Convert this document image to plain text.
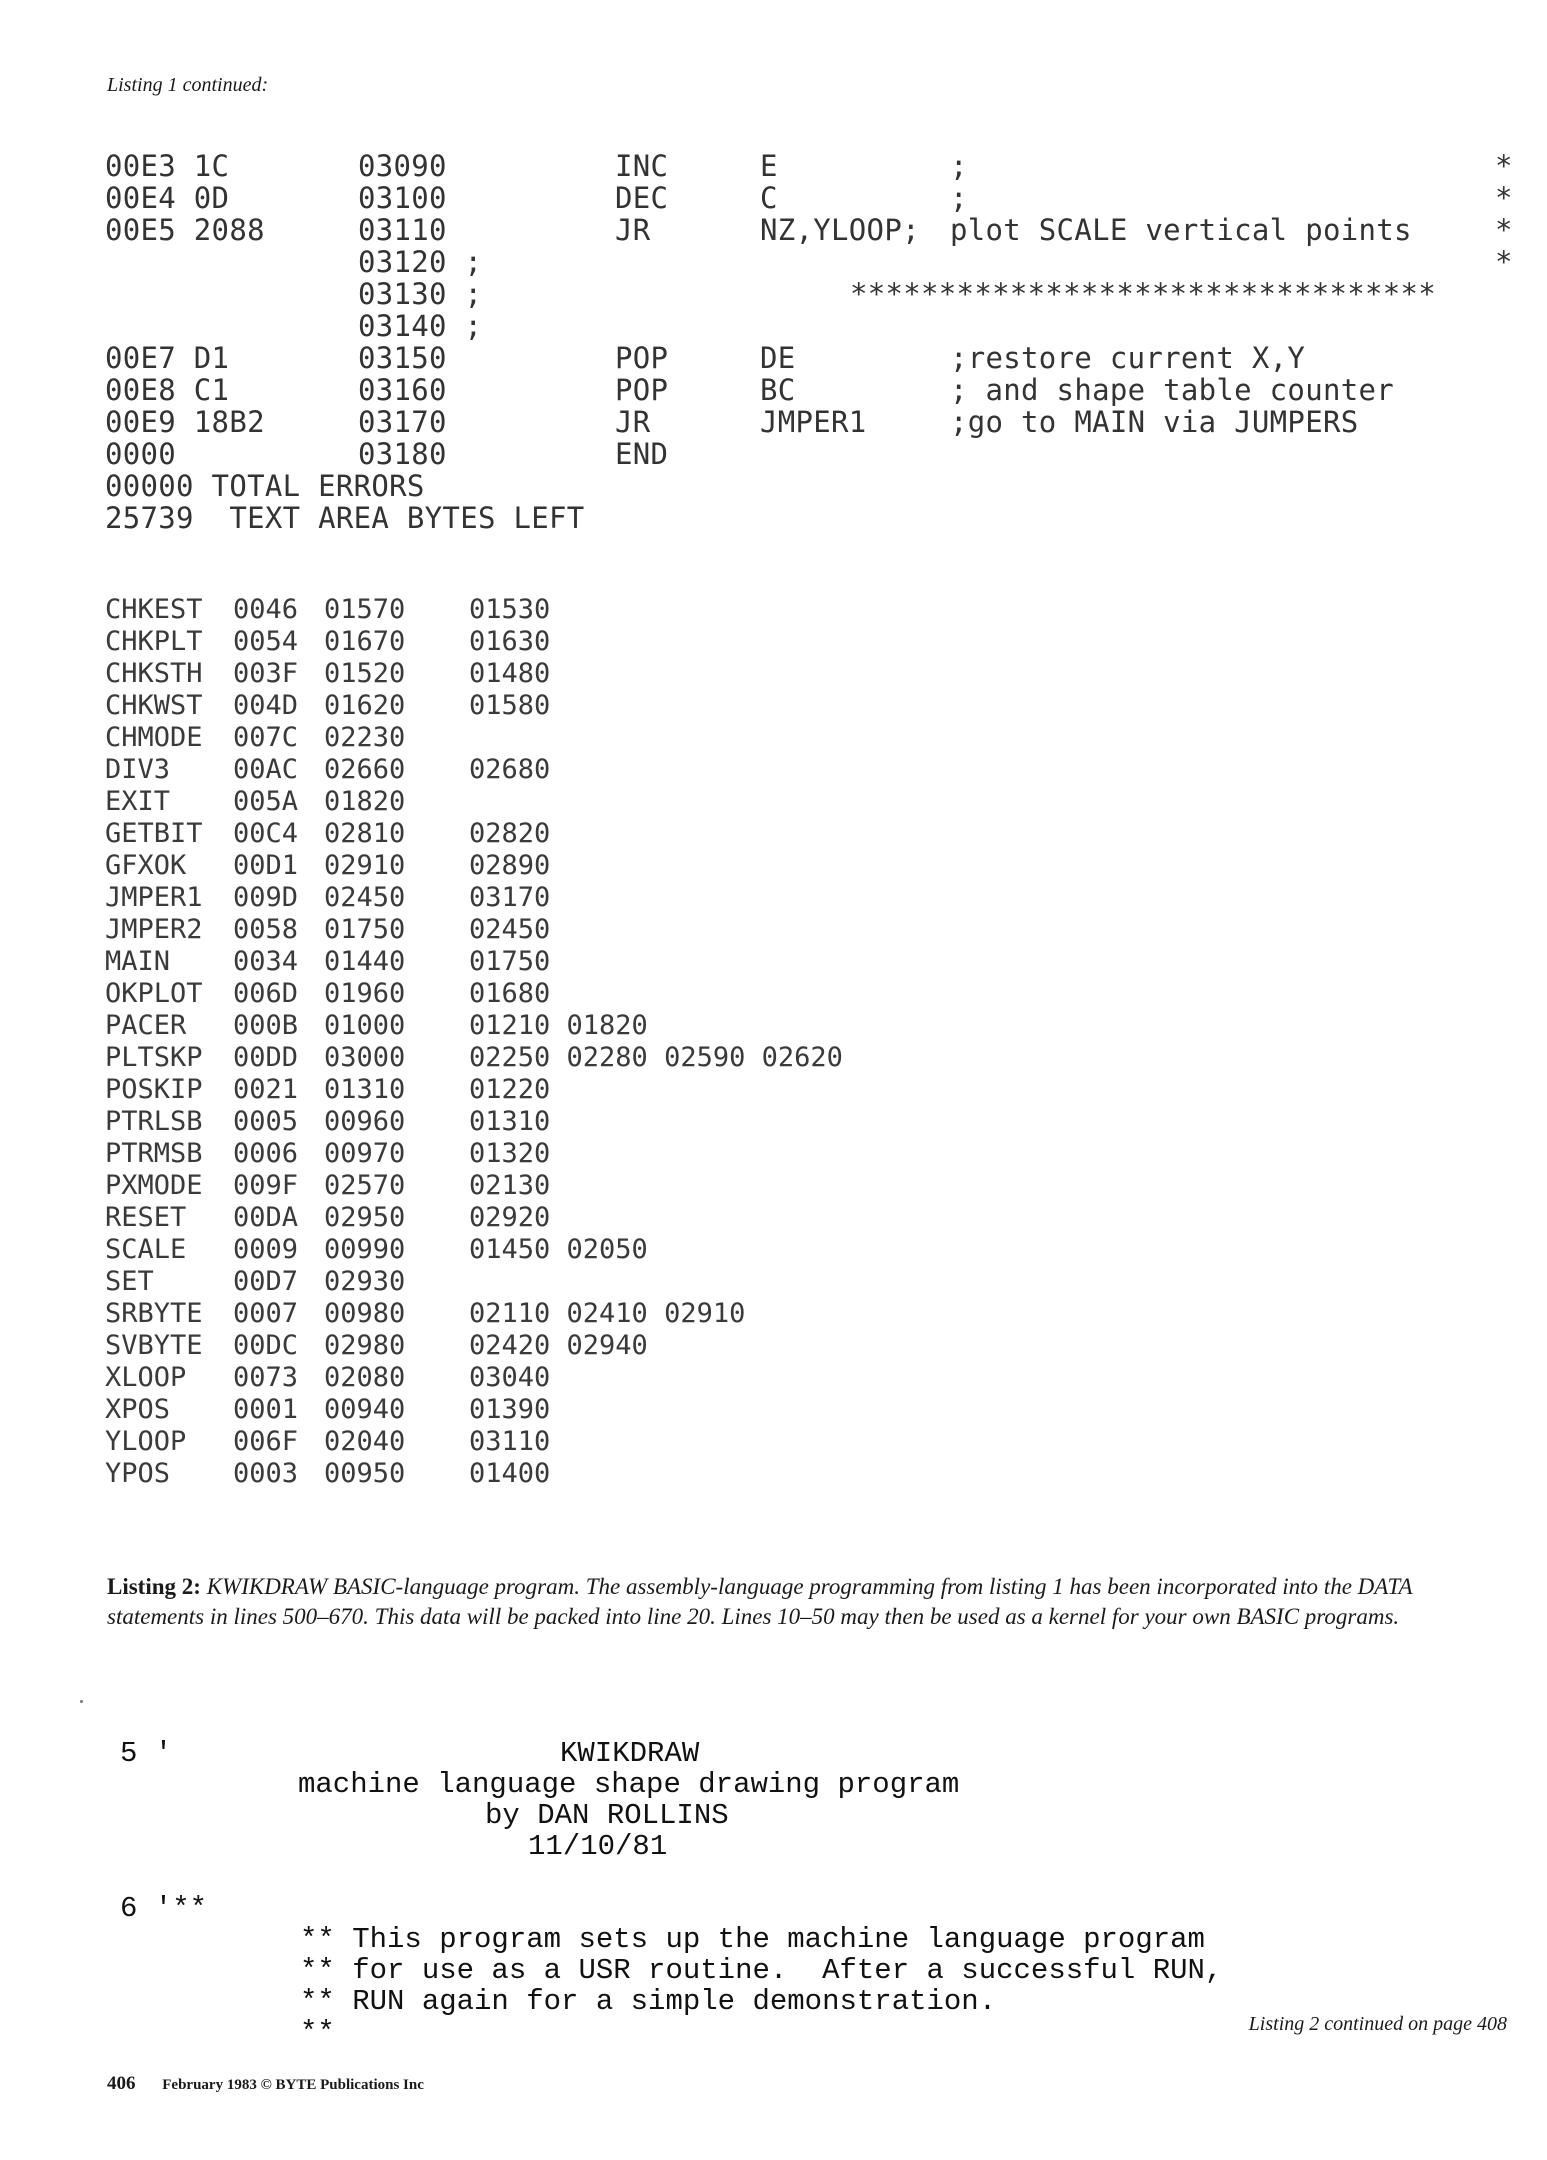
Listing 1 continued:
00E3 1C	03090	INC	E	;	*
00E4 0D	03100	DEC	C	;	*
00E5 2088	03110	JR	NZ,YLOOP; plot SCALE vertical points	*
03120 ;	*
03130 ;	*********************************
03140 ;
00E7 D1	03150	POP	DE	;restore current X,Y
00E8 C1	03160	POP	BC	; and shape table counter
00E9 18B2	03170	JR	JMPER1	;go to MAIN via JUMPERS
0000	03180	END
00000 TOTAL ERRORS
25739  TEXT AREA BYTES LEFT
CHKEST 0046 01570 01530
CHKPLT 0054 01670 01630
CHKSTH 003F 01520 01480
CHKWST 004D 01620 01580
CHMODE 007C 02230
DIV3 00AC 02660 02680
EXIT 005A 01820
GETBIT 00C4 02810 02820
GFXOK 00D1 02910 02890
JMPER1 009D 02450 03170
JMPER2 0058 01750 02450
MAIN 0034 01440 01750
OKPLOT 006D 01960 01680
PACER 000B 01000 01210 01820
PLTSKP 00DD 03000 02250 02280 02590 02620
POSKIP 0021 01310 01220
PTRLSB 0005 00960 01310
PTRMSB 0006 00970 01320
PXMODE 009F 02570 02130
RESET 00DA 02950 02920
SCALE 0009 00990 01450 02050
SET	00D7 02930
SRBYTE 0007 00980 02110 02410 02910
SVBYTE 00DC 02980 02420 02940
XLOOP 0073 02080 03040
XPOS 0001 00940 01390
YLOOP 006F 02040 03110
YPOS 0003 00950 01400
Listing 2: KWIKDRAW BASIC-language program. The assembly-language programming from listing 1 has been incorporated into the DATA statements in lines 500–670. This data will be packed into line 20. Lines 10–50 may then be used as a kernel for your own BASIC programs.
5 '	KWIKDRAW
machine language shape drawing program
by DAN ROLLINS
11/10/81
6 '**
** This program sets up the machine language program
** for use as a USR routine.  After a successful RUN,
** RUN again for a simple demonstration.
**	Listing 2 continued on page 408
406 February 1983 © BYTE Publications Inc
